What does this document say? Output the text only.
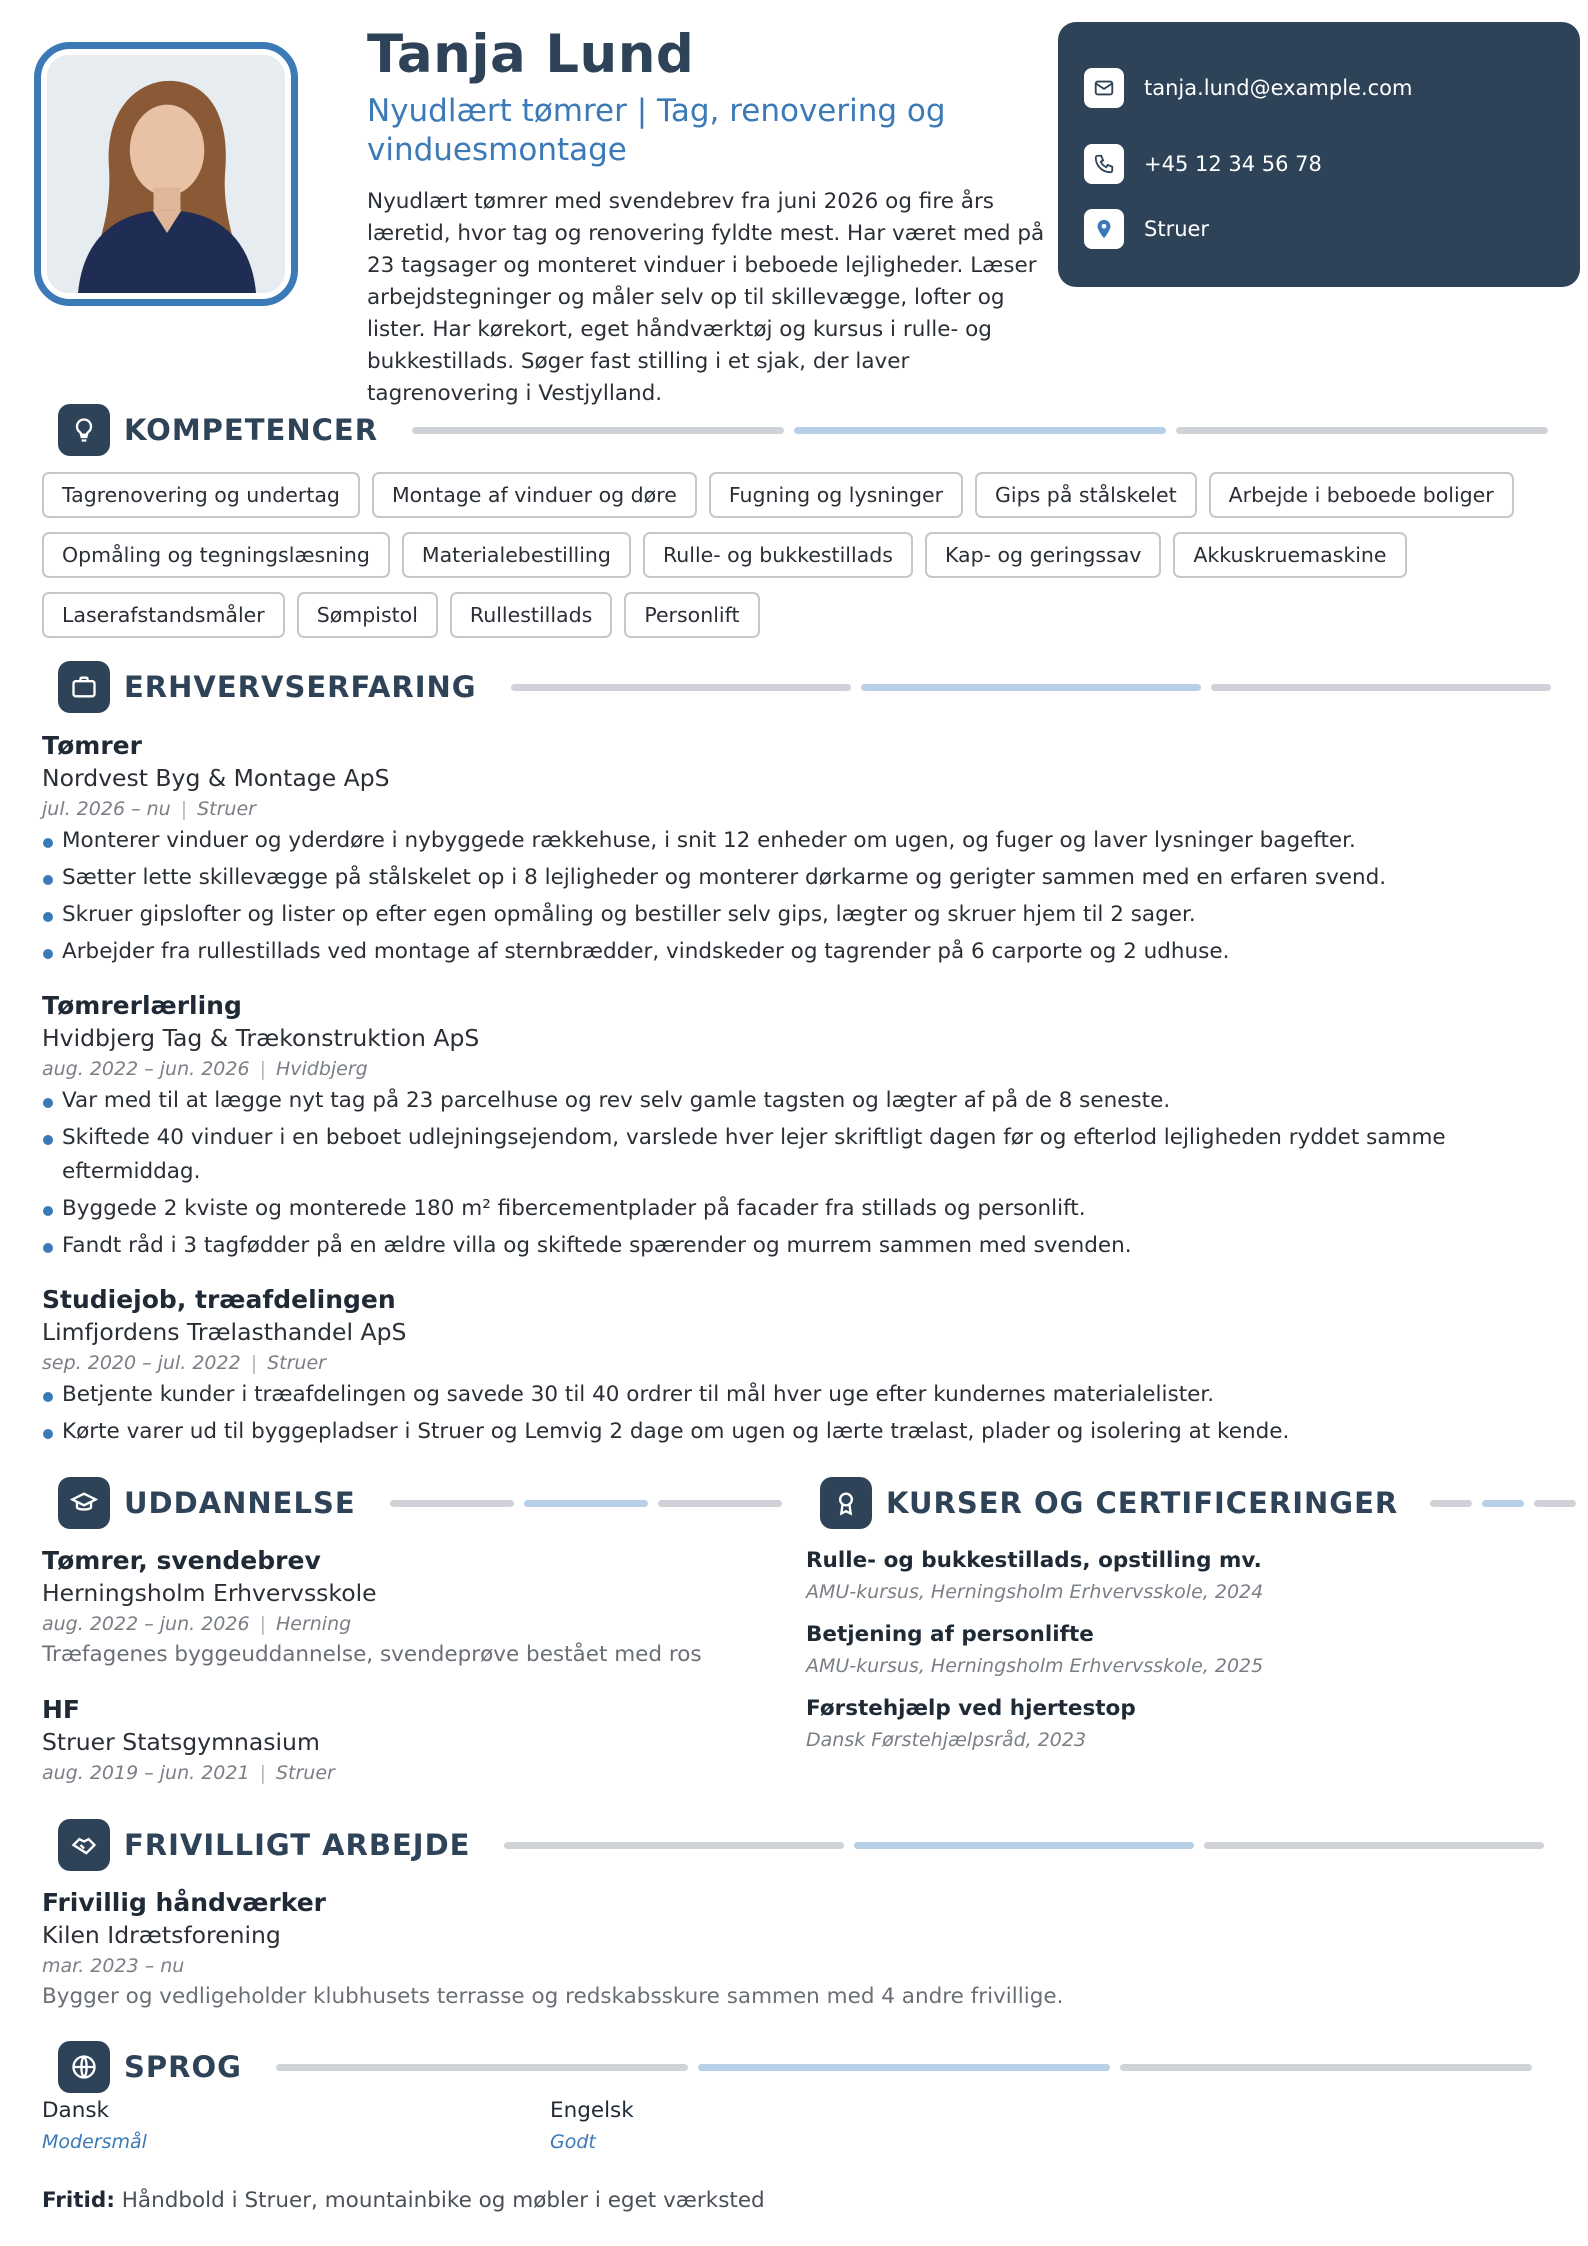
Tanja Lund
Nyudlært tømrer | Tag, renovering og vinduesmontage
Nyudlært tømrer med svendebrev fra juni 2026 og fire års læretid, hvor tag og renovering fyldte mest. Har været med på 23 tagsager og monteret vinduer i beboede lejligheder. Læser arbejdstegninger og måler selv op til skillevægge, lofter og lister. Har kørekort, eget håndværktøj og kursus i rulle- og bukkestillads. Søger fast stilling i et sjak, der laver tagrenovering i Vestjylland.
tanja.lund@example.com
+45 12 34 56 78
Struer
KOMPETENCER
Tagrenovering og undertag	Montage af vinduer og døre	Fugning og lysninger	Gips på stålskelet	Arbejde i beboede boliger
Opmåling og tegningslæsning	Materialebestilling	Rulle- og bukkestillads	Kap- og geringssav	Akkuskruemaskine
Laserafstandsmåler	Sømpistol	Rullestillads	Personlift
ERHVERVSERFARING
Tømrer
Nordvest Byg & Montage ApS
jul. 2026 – nu | Struer
Monterer vinduer og yderdøre i nybyggede rækkehuse, i snit 12 enheder om ugen, og fuger og laver lysninger bagefter.
Sætter lette skillevægge på stålskelet op i 8 lejligheder og monterer dørkarme og gerigter sammen med en erfaren svend.
Skruer gipslofter og lister op efter egen opmåling og bestiller selv gips, lægter og skruer hjem til 2 sager.
Arbejder fra rullestillads ved montage af sternbrædder, vindskeder og tagrender på 6 carporte og 2 udhuse.
Tømrerlærling
Hvidbjerg Tag & Trækonstruktion ApS
aug. 2022 – jun. 2026 | Hvidbjerg
Var med til at lægge nyt tag på 23 parcelhuse og rev selv gamle tagsten og lægter af på de 8 seneste.
Skiftede 40 vinduer i en beboet udlejningsejendom, varslede hver lejer skriftligt dagen før og efterlod lejligheden ryddet samme eftermiddag.
Byggede 2 kviste og monterede 180 m² fibercementplader på facader fra stillads og personlift.
Fandt råd i 3 tagfødder på en ældre villa og skiftede spærender og murrem sammen med svenden.
Studiejob, træafdelingen
Limfjordens Trælasthandel ApS
sep. 2020 – jul. 2022 | Struer
Betjente kunder i træafdelingen og savede 30 til 40 ordrer til mål hver uge efter kundernes materialelister.
Kørte varer ud til byggepladser i Struer og Lemvig 2 dage om ugen og lærte trælast, plader og isolering at kende.
UDDANNELSE
Tømrer, svendebrev
Herningsholm Erhvervsskole
aug. 2022 – jun. 2026 | Herning
Træfagenes byggeuddannelse, svendeprøve bestået med ros
HF
Struer Statsgymnasium
aug. 2019 – jun. 2021 | Struer
KURSER OG CERTIFICERINGER
Rulle- og bukkestillads, opstilling mv.
AMU-kursus, Herningsholm Erhvervsskole, 2024
Betjening af personlifte
AMU-kursus, Herningsholm Erhvervsskole, 2025
Førstehjælp ved hjertestop
Dansk Førstehjælpsråd, 2023
FRIVILLIGT ARBEJDE
Frivillig håndværker
Kilen Idrætsforening
mar. 2023 – nu
Bygger og vedligeholder klubhusets terrasse og redskabsskure sammen med 4 andre frivillige.
SPROG
Dansk
Modersmål
Engelsk
Godt
Fritid: Håndbold i Struer, mountainbike og møbler i eget værksted
